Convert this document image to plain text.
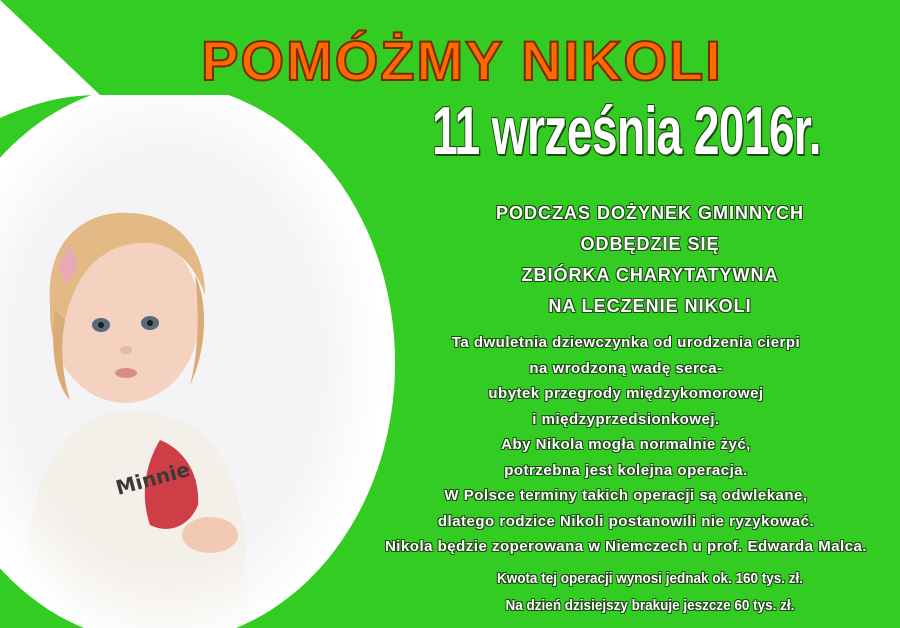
POMÓŻMY NIKOLI
11 września 2016r.
PODCZAS DOŻYNEK GMINNYCH
ODBĘDZIE SIĘ
ZBIÓRKA CHARYTATYWNA
NA LECZENIE NIKOLI
Ta dwuletnia dziewczynka od urodzenia cierpi
na wrodzoną wadę serca-
ubytek przegrody międzykomorowej
i międzyprzedsionkowej.
Aby Nikola mogła normalnie żyć,
potrzebna jest kolejna operacja.
W Polsce terminy takich operacji są odwlekane,
dlatego rodzice Nikoli postanowili nie ryzykować.
Nikola będzie zoperowana w Niemczech u prof. Edwarda Malca.
Kwota tej operacji wynosi jednak ok. 160 tys. zł.
Na dzień dzisiejszy brakuje jeszcze 60 tys. zł.
